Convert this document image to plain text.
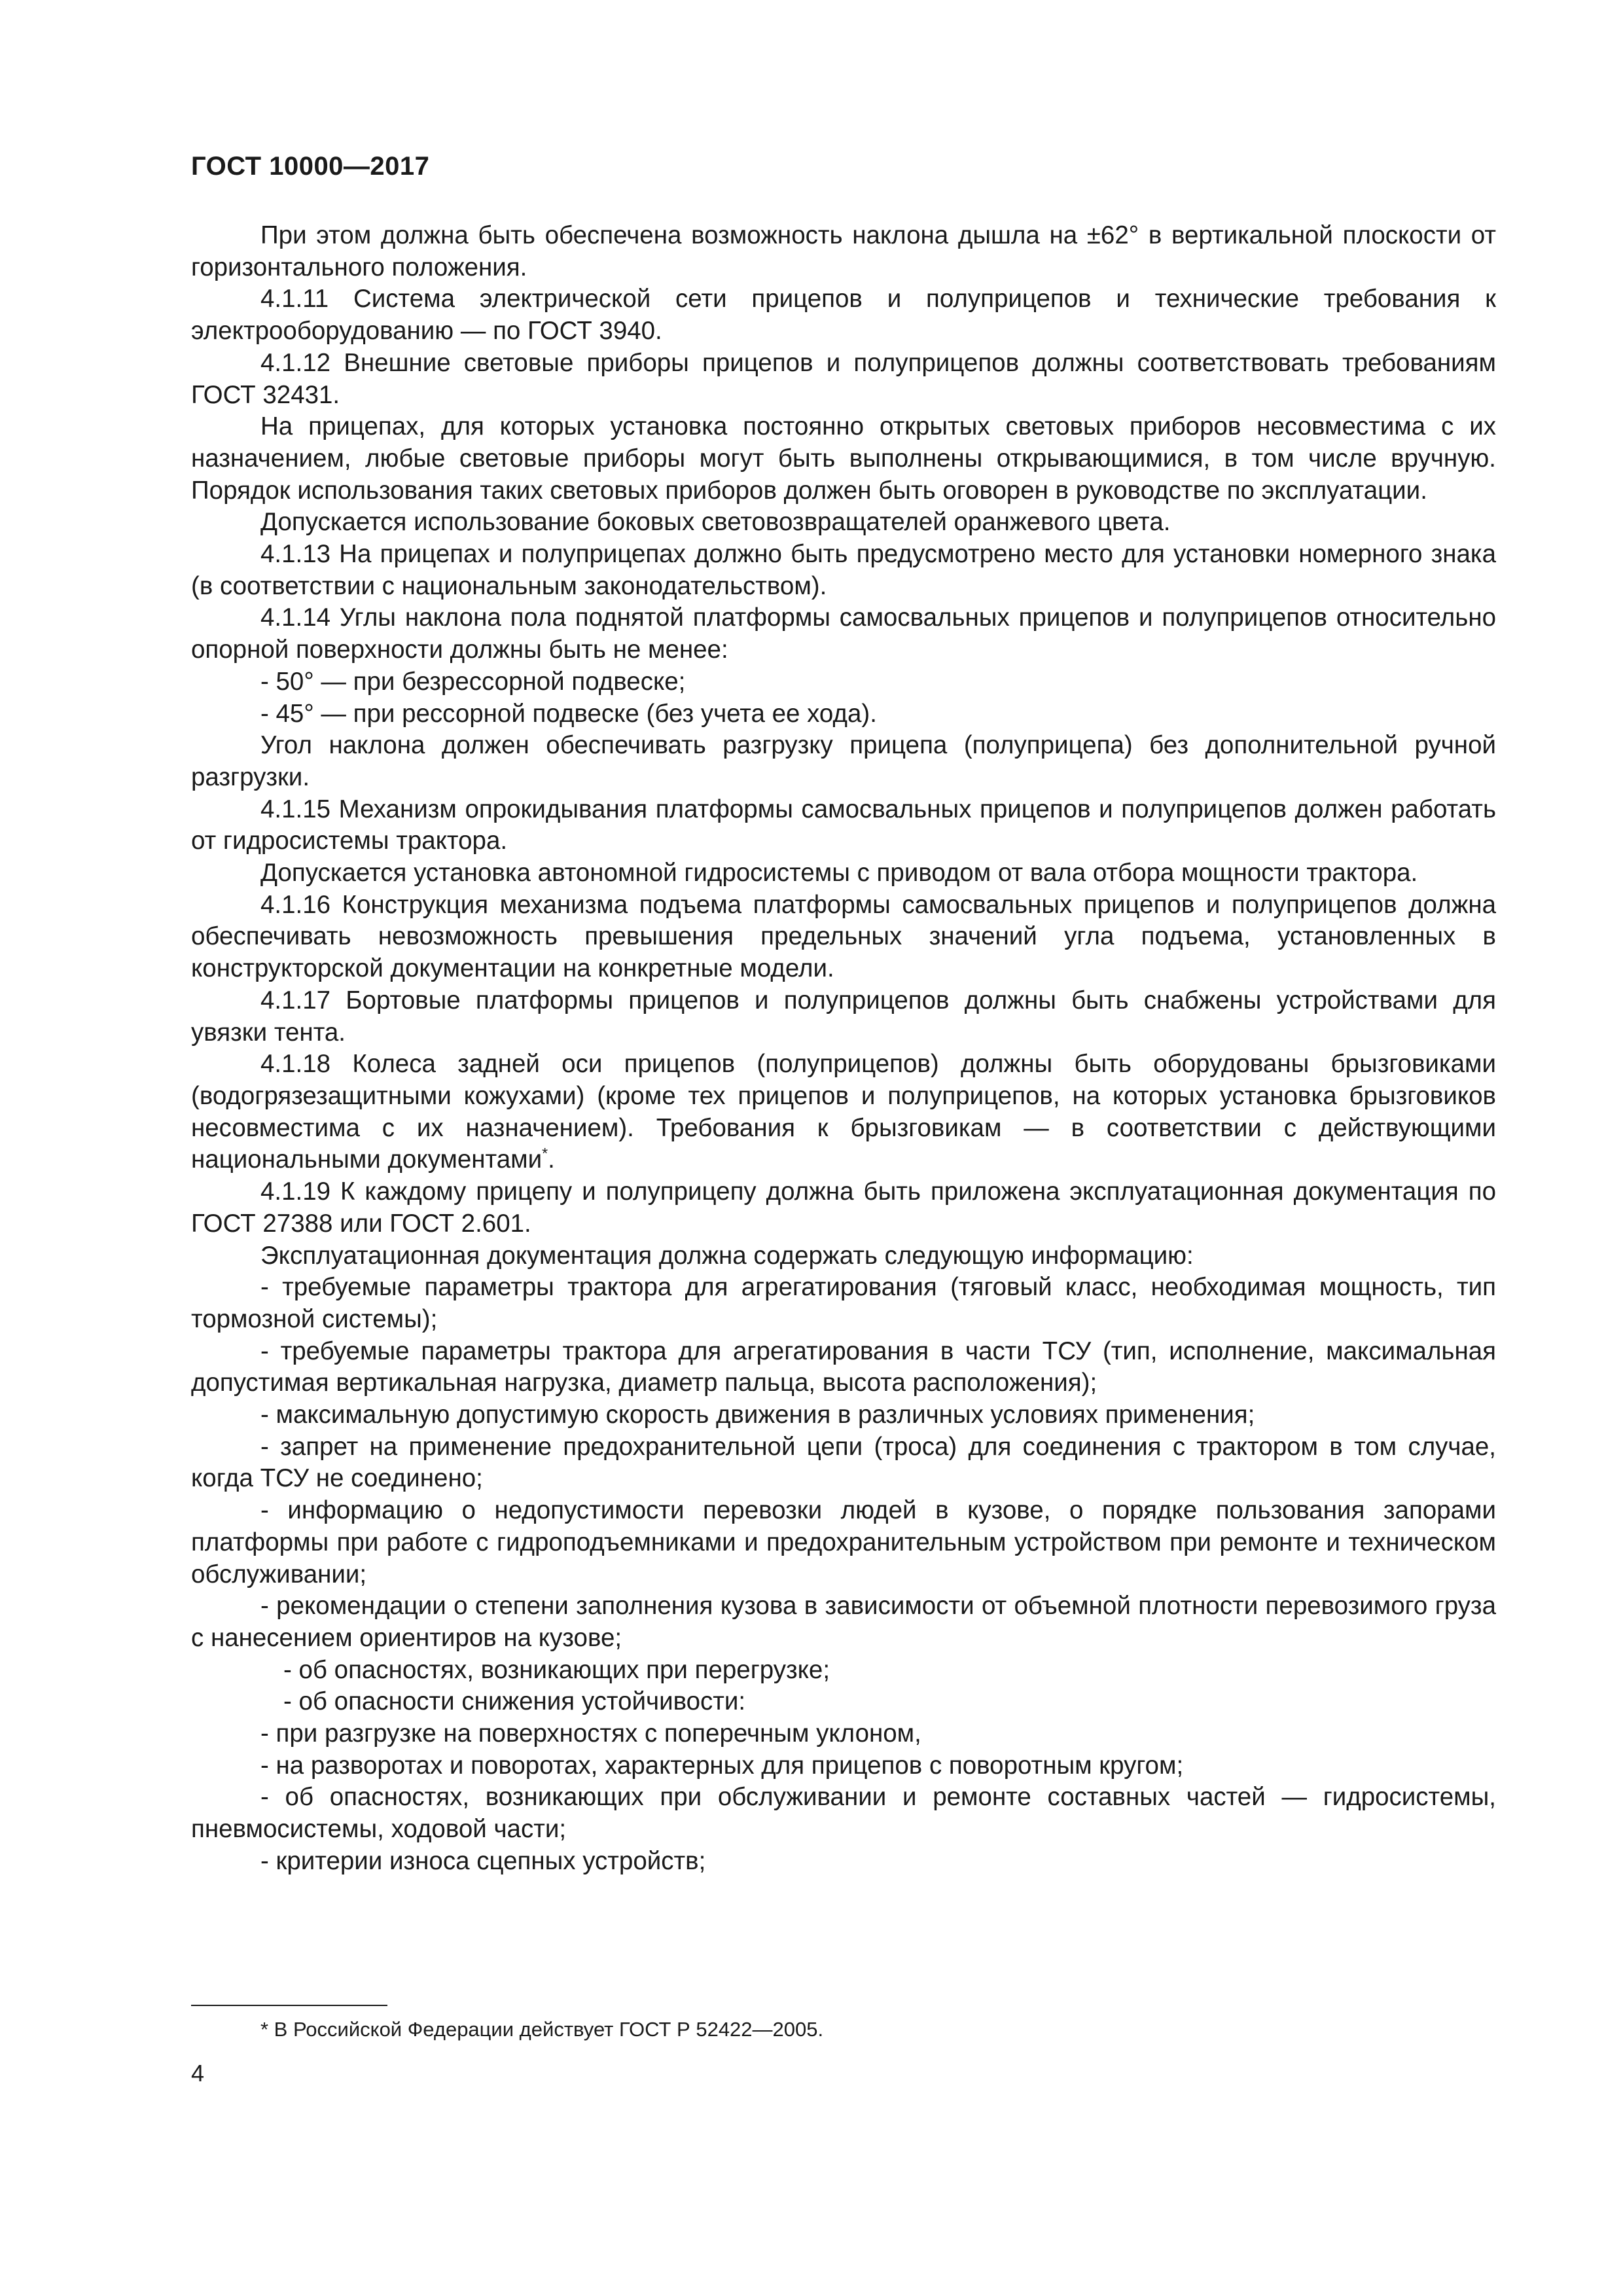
ГОСТ 10000—2017

При этом должна быть обеспечена возможность наклона дышла на ±62° в вертикальной плоскости от горизонтального положения.

4.1.11 Система электрической сети прицепов и полуприцепов и технические требования к электрооборудованию — по ГОСТ 3940.

4.1.12 Внешние световые приборы прицепов и полуприцепов должны соответствовать требованиям ГОСТ 32431.

На прицепах, для которых установка постоянно открытых световых приборов несовместима с их назначением, любые световые приборы могут быть выполнены открывающимися, в том числе вручную. Порядок использования таких световых приборов должен быть оговорен в руководстве по эксплуатации.

Допускается использование боковых световозвращателей оранжевого цвета.

4.1.13 На прицепах и полуприцепах должно быть предусмотрено место для установки номерного знака (в соответствии с национальным законодательством).

4.1.14 Углы наклона пола поднятой платформы самосвальных прицепов и полуприцепов относительно опорной поверхности должны быть не менее:

- 50° — при безрессорной подвеске;

- 45° — при рессорной подвеске (без учета ее хода).

Угол наклона должен обеспечивать разгрузку прицепа (полуприцепа) без дополнительной ручной разгрузки.

4.1.15 Механизм опрокидывания платформы самосвальных прицепов и полуприцепов должен работать от гидросистемы трактора.

Допускается установка автономной гидросистемы с приводом от вала отбора мощности трактора.

4.1.16 Конструкция механизма подъема платформы самосвальных прицепов и полуприцепов должна обеспечивать невозможность превышения предельных значений угла подъема, установленных в конструкторской документации на конкретные модели.

4.1.17 Бортовые платформы прицепов и полуприцепов должны быть снабжены устройствами для увязки тента.

4.1.18 Колеса задней оси прицепов (полуприцепов) должны быть оборудованы брызговиками (водогрязезащитными кожухами) (кроме тех прицепов и полуприцепов, на которых установка брызговиков несовместима с их назначением). Требования к брызговикам — в соответствии с действующими национальными документами*.

4.1.19 К каждому прицепу и полуприцепу должна быть приложена эксплуатационная документация по ГОСТ 27388 или ГОСТ 2.601.

Эксплуатационная документация должна содержать следующую информацию:

- требуемые параметры трактора для агрегатирования (тяговый класс, необходимая мощность, тип тормозной системы);

- требуемые параметры трактора для агрегатирования в части ТСУ (тип, исполнение, максимальная допустимая вертикальная нагрузка, диаметр пальца, высота расположения);

- максимальную допустимую скорость движения в различных условиях применения;

- запрет на применение предохранительной цепи (троса) для соединения с трактором в том случае, когда ТСУ не соединено;

- информацию о недопустимости перевозки людей в кузове, о порядке пользования запорами платформы при работе с гидроподъемниками и предохранительным устройством при ремонте и техническом обслуживании;

- рекомендации о степени заполнения кузова в зависимости от объемной плотности перевозимого груза с нанесением ориентиров на кузове;

- об опасностях, возникающих при перегрузке;

- об опасности снижения устойчивости:

- при разгрузке на поверхностях с поперечным уклоном,

- на разворотах и поворотах, характерных для прицепов с поворотным кругом;

- об опасностях, возникающих при обслуживании и ремонте составных частей — гидросистемы, пневмосистемы, ходовой части;

- критерии износа сцепных устройств;

* В Российской Федерации действует ГОСТ Р 52422—2005.
4
